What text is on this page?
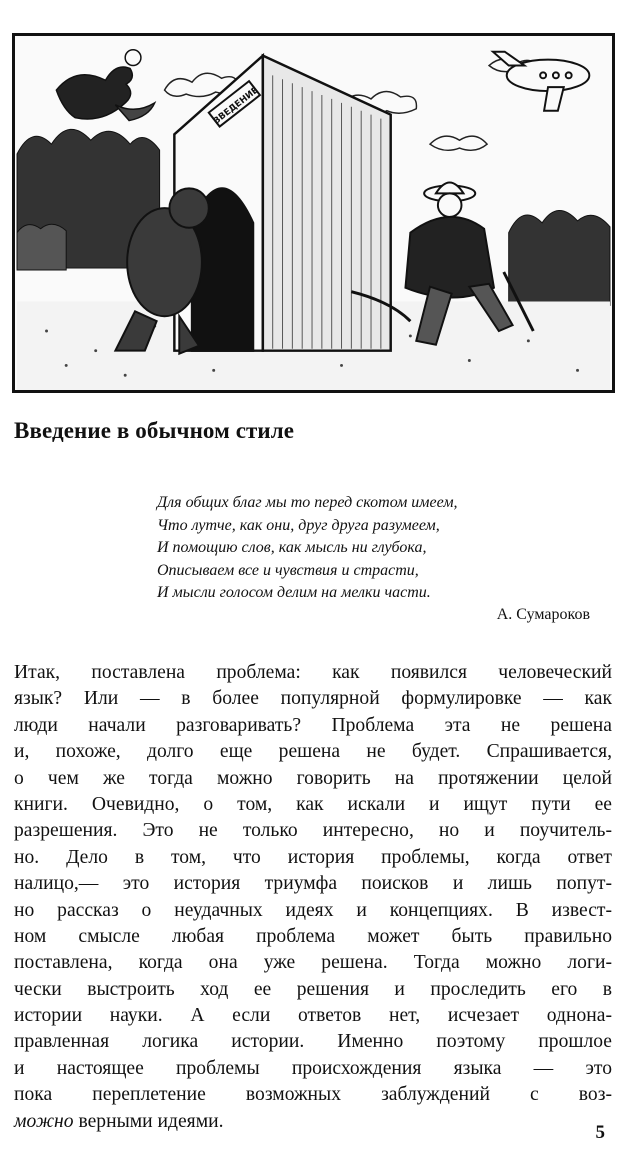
ВВЕДЕНИЕ
Введение в обычном стиле
Для общих благ мы то перед скотом имеем,
Что лутче, как они, друг друга разумеем,
И помощию слов, как мысль ни глубока,
Описываем все и чувствия и страсти,
И мысли голосом делим на мелки части.
А. Сумароков
Итак, поставлена проблема: как появился человеческий
язык? Или — в более популярной формулировке — как
люди начали разговаривать? Проблема эта не решена
и, похоже, долго еще решена не будет. Спрашивается,
о чем же тогда можно говорить на протяжении целой
книги. Очевидно, о том, как искали и ищут пути ее
разрешения. Это не только интересно, но и поучитель-
но. Дело в том, что история проблемы, когда ответ
налицо,— это история триумфа поисков и лишь попут-
но рассказ о неудачных идеях и концепциях. В извест-
ном смысле любая проблема может быть правильно
поставлена, когда она уже решена. Тогда можно логи-
чески выстроить ход ее решения и проследить его в
истории науки. А если ответов нет, исчезает однона-
правленная логика истории. Именно поэтому прошлое
и настоящее проблемы происхождения языка — это
пока переплетение возможных заблуждений с воз-
можно верными идеями.
5
